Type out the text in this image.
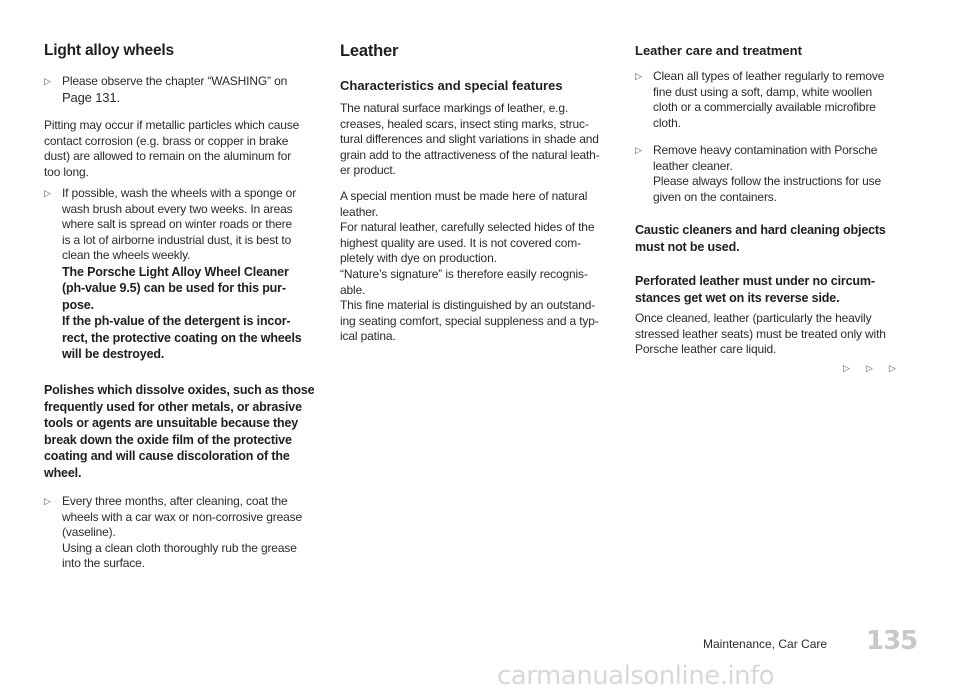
Light alloy wheels
▷ Please observe the chapter “WASHING” on

Page 131.

Pitting may occur if metallic particles which cause

contact corrosion (e.g. brass or copper in brake

dust) are allowed to remain on the aluminum for

too long.

▷ If possible, wash the wheels with a sponge or

wash brush about every two weeks. In areas

where salt is spread on winter roads or there

is a lot of airborne industrial dust, it is best to

clean the wheels weekly.

The Porsche Light Alloy Wheel Cleaner

(ph-value 9.5) can be used for this pur-

pose.

If the ph-value of the detergent is incor-

rect, the protective coating on the wheels

will be destroyed.

Polishes which dissolve oxides, such as those

frequently used for other metals, or abrasive

tools or agents are unsuitable because they

break down the oxide film of the protective

coating and will cause discoloration of the

wheel.

▷ Every three months, after cleaning, coat the

wheels with a car wax or non-corrosive grease

(vaseline).

Using a clean cloth thoroughly rub the grease

into the surface.

Leather
Characteristics and special features

The natural surface markings of leather, e.g.

creases, healed scars, insect sting marks, struc-

tural differences and slight variations in shade and

grain add to the attractiveness of the natural leath-

er product.

A special mention must be made here of natural

leather.

For natural leather, carefully selected hides of the

highest quality are used. It is not covered com-

pletely with dye on production.

“Nature’s signature” is therefore easily recognis-

able.

This fine material is distinguished by an outstand-

ing seating comfort, special suppleness and a typ-

ical patina.

Leather care and treatment
▷ Clean all types of leather regularly to remove

fine dust using a soft, damp, white woollen

cloth or a commercially available microfibre

cloth.

▷ Remove heavy contamination with Porsche

leather cleaner.

Please always follow the instructions for use

given on the containers.

Caustic cleaners and hard cleaning objects

must not be used.

Perforated leather must under no circum-

stances get wet on its reverse side.

Once cleaned, leather (particularly the heavily

stressed leather seats) must be treated only with

Porsche leather care liquid.

▷▷▷
Maintenance, Car Care 135
carmanualsonline.info
